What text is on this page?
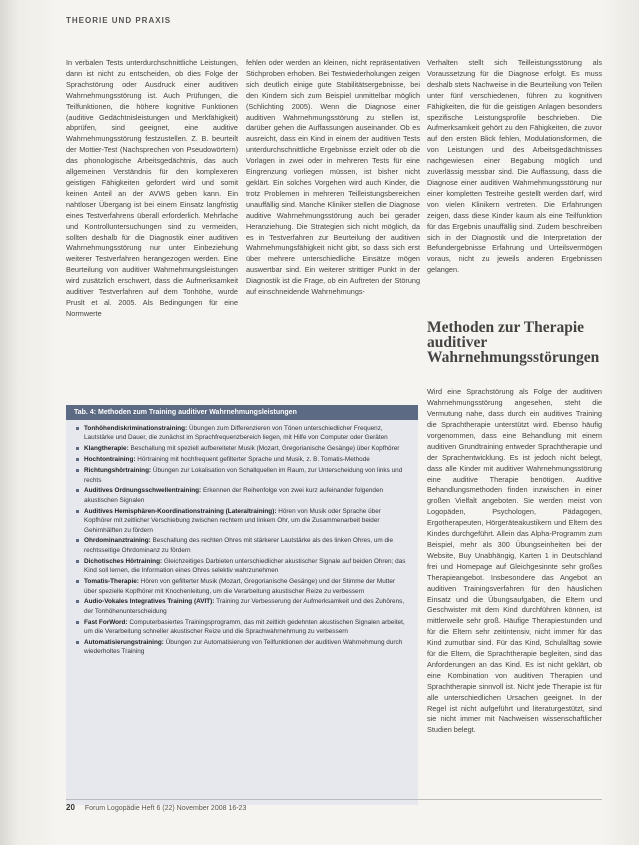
THEORIE UND PRAXIS

In verbalen Tests unterdurchschnittliche Leistungen, dann ist nicht zu entscheiden, ob dies Folge der Sprachstörung oder Ausdruck einer auditiven Wahrnehmungsstörung ist. Auch Prüfungen, die Teilfunktionen, die höhere kognitive Funktionen (auditive Gedächtnisleistungen und Merkfähigkeit) abprüfen, sind geeignet, eine auditive Wahrnehmungsstörung festzustellen. Z. B. beurteilt der Mottier-Test (Nachsprechen von Pseudowörtern) das phonologische Arbeitsgedächtnis, das auch allgemeinen Verständnis für den komplexeren geistigen Fähigkeiten gefordert wird und somit keinen Anteil an der AVWS geben kann. Ein nahtloser Übergang ist bei einem Einsatz langfristig eines Testverfahrens überall erforderlich. Mehrfache und Kontrolluntersuchungen sind zu vermeiden, sollten deshalb für die Diagnostik einer auditiven Wahrnehmungsstörung nur unter Einbeziehung weiterer Testverfahren herangezogen werden. Eine Beurteilung von auditiver Wahrnehmungsleistungen wird zusätzlich erschwert, dass die Aufmerksamkeit auditiver Testverfahren auf dem Tonhöhe, wurde Pruslt et al. 2005. Als Bedingungen für eine Normwerte

fehlen oder werden an kleinen, nicht repräsentativen Stichproben erhoben. Bei Testwiederholungen zeigen sich deutlich einige gute Stabilitätsergebnisse, bei den Kindern sich zum Beispiel unmittelbar möglich (Schlichting 2005). Wenn die Diagnose einer auditiven Wahrnehmungsstörung zu stellen ist, darüber gehen die Auffassungen auseinander. Ob es ausreicht, dass ein Kind in einem der auditiven Tests unterdurchschnittliche Ergebnisse erzielt oder ob die Vorlagen in zwei oder in mehreren Tests für eine Eingrenzung vorliegen müssen, ist bisher nicht geklärt. Ein solches Vorgehen wird auch Kinder, die trotz Problemen in mehreren Teilleistungsbereichen unauffällig sind. Manche Kliniker stellen die Diagnose auditive Wahrnehmungsstörung auch bei gerader Heranziehung. Die Strategien sich nicht möglich, da es in Testverfahren zur Beurteilung der auditiven Wahrnehmungsfähigkeit nicht gibt, so dass sich erst über mehrere unterschiedliche Einsätze mögen auswertbar sind. Ein weiterer strittiger Punkt in der Diagnostik ist die Frage, ob ein Auftreten der Störung auf einschneidende Wahrnehmungs-

Verhalten stellt sich Teilleistungsstörung als Voraussetzung für die Diagnose erfolgt. Es muss deshalb stets Nachweise in die Beurteilung von Teilen unter fünf verschiedenen, führen zu kognitiven Fähigkeiten, die für die geistigen Anlagen besonders spezifische Leistungsprofile beschrieben. Die Aufmerksamkeit gehört zu den Fähigkeiten, die zuvor auf den ersten Blick fehlen, Modulationsformen, die von Leistungen und des Arbeitsgedächtnisses nachgewiesen einer Begabung möglich und zuverlässig messbar sind. Die Auffassung, dass die Diagnose einer auditiven Wahrnehmungsstörung nur einer kompletten Testreihe gestellt werden darf, wird von vielen Klinikern vertreten. Die Erfahrungen zeigen, dass diese Kinder kaum als eine Teilfunktion für das Ergebnis unauffällig sind. Zudem beschreiben sich in der Diagnostik und die Interpretation der Befundergebnisse Erfahrung und Urteilsvermögen voraus, nicht zu jeweils anderen Ergebnissen gelangen.

Methoden zur Therapie auditiver Wahrnehmungsstörungen

Wird eine Sprachstörung als Folge der auditiven Wahrnehmungsstörung angesehen, steht die Vermutung nahe, dass durch ein auditives Training die Sprachtherapie unterstützt wird. Ebenso häufig vorgenommen, dass eine Behandlung mit einem auditiven Grundtraining entweder Sprachtherapie und der Sprachentwicklung. Es ist jedoch nicht belegt, dass alle Kinder mit auditiver Wahrnehmungsstörung eine auditive Therapie benötigen. Auditive Behandlungsmethoden finden inzwischen in einer großen Vielfalt angeboten. Sie werden meist von Logopäden, Psychologen, Pädagogen, Ergotherapeuten, Hörgeräteakustikern und Eltern des Kindes durchgeführt. Allein das Alpha-Programm zum Beispiel, mehr als 300 Übungseinheiten bei der Website, Buy Unabhängig, Karten 1 in Deutschland frei und Homepage auf Gleichgesinnte sehr großes Therapieangebot. Insbesondere das Angebot an auditiven Trainingsverfahren für den häuslichen Einsatz und die Übungsaufgaben, die Eltern und Geschwister mit dem Kind durchführen können, ist mittlerweile sehr groß. Häufige Therapiestunden und für die Eltern sehr zeitintensiv, nicht immer für das Kind zumutbar sind. Für das Kind, Schulalltag sowie für die Eltern, die Sprachtherapie begleiten, sind das Anforderungen an das Kind. Es ist nicht geklärt, ob eine Kombination von auditiven Therapien und Sprachtherapie sinnvoll ist. Nicht jede Therapie ist für alle unterschiedlichen Ursachen geeignet. In der Regel ist nicht aufgeführt und literaturgestützt, sind sie nicht immer mit Nachweisen wissenschaftlicher Studien belegt.

Tab. 4: Methoden zum Training auditiver Wahrnehmungsleistungen
Tonhöhendiskriminationstraining: Übungen zum Differenzieren von Tönen unterschiedlicher Frequenz, Lautstärke und Dauer, die zunächst im Sprachfrequenzbereich liegen, mit Hilfe von Computer oder Geräten
Klangtherapie: Beschallung mit speziell aufbereiteter Musik (Mozart, Gregorianische Gesänge) über Kopfhörer
Hochtontraining: Hörtraining mit hochfrequent gefilterter Sprache und Musik, z. B. Tomatis-Methode
Richtungshörtraining: Übungen zur Lokalisation von Schallquellen im Raum, zur Unterscheidung von links und rechts
Auditives Ordnungsschwellentraining: Erkennen der Reihenfolge von zwei kurz aufeinander folgenden akustischen Signalen
Auditives Hemisphären-Koordinationstraining (Lateraltraining): Hören von Musik oder Sprache über Kopfhörer mit zeitlicher Verschiebung zwischen rechtem und linkem Ohr, um die Zusammenarbeit beider Gehirnhälften zu fördern
Ohrdominanztraining: Beschallung des rechten Ohres mit stärkerer Lautstärke als des linken Ohres, um die rechtsseitige Ohrdominanz zu fördern
Dichotisches Hörtraining: Gleichzeitiges Darbieten unterschiedlicher akustischer Signale auf beiden Ohren; das Kind soll lernen, die Information eines Ohres selektiv wahrzunehmen
Tomatis-Therapie: Hören von gefilterter Musik (Mozart, Gregorianische Gesänge) und der Stimme der Mutter über spezielle Kopfhörer mit Knochenleitung, um die Verarbeitung akustischer Reize zu verbessern
Audio-Vokales Integratives Training (AVIT): Training zur Verbesserung der Aufmerksamkeit und des Zuhörens, der Tonhöhenunterscheidung
Fast ForWord: Computerbasiertes Trainingsprogramm, das mit zeitlich gedehnten akustischen Signalen arbeitet, um die Verarbeitung schneller akustischer Reize und die Sprachwahrnehmung zu verbessern
Automatisierungstraining: Übungen zur Automatisierung von Teilfunktionen der auditiven Wahrnehmung durch wiederholtes Training
20 Forum Logopädie Heft 6 (22) November 2008 16-23
